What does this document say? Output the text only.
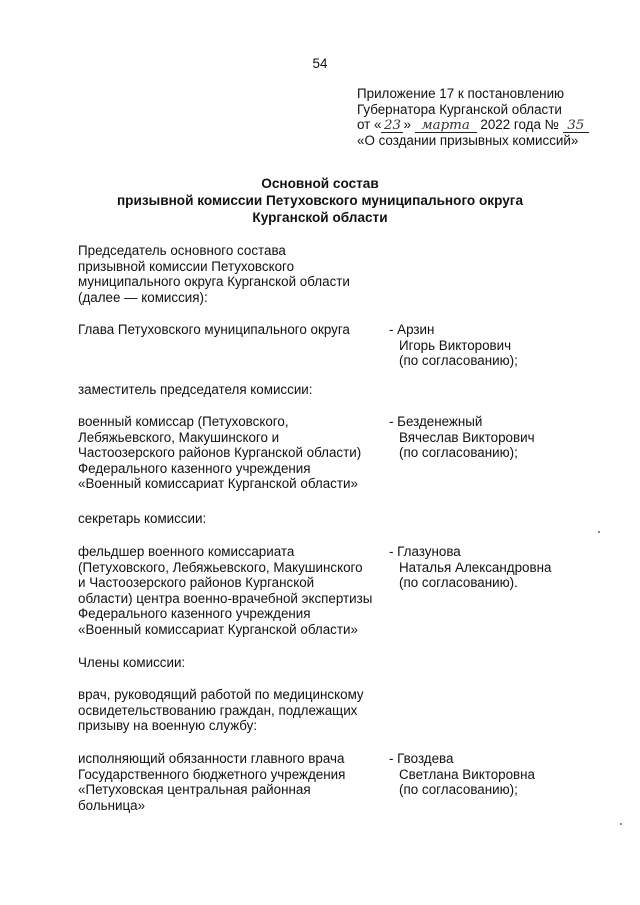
54
Приложение 17 к постановлению
Губернатора Курганской области
от « 23 » марта 2022 года № 35
«О создании призывных комиссий»
Основной состав
призывной комиссии Петуховского муниципального округа
Курганской области
Председатель основного состава
призывной комиссии Петуховского
муниципального округа Курганской области
(далее — комиссия):
Глава Петуховского муниципального округа	- Арзин
Игорь Викторович
(по согласованию);
заместитель председателя комиссии:
военный комиссар (Петуховского,
Лебяжьевского, Макушинского и
Частоозерского районов Курганской области)
Федерального казенного учреждения
«Военный комиссариат Курганской области»
- Безденежный
Вячеслав Викторович
(по согласованию);
секретарь комиссии:
фельдшер военного комиссариата
(Петуховского, Лебяжьевского, Макушинского
и Частоозерского районов Курганской
области) центра военно-врачебной экспертизы
Федерального казенного учреждения
«Военный комиссариат Курганской области»
- Глазунова
Наталья Александровна
(по согласованию).
Члены комиссии:
врач, руководящий работой по медицинскому
освидетельствованию граждан, подлежащих
призыву на военную службу:
исполняющий обязанности главного врача
Государственного бюджетного учреждения
«Петуховская центральная районная
больница»
- Гвоздева
Светлана Викторовна
(по согласованию);
